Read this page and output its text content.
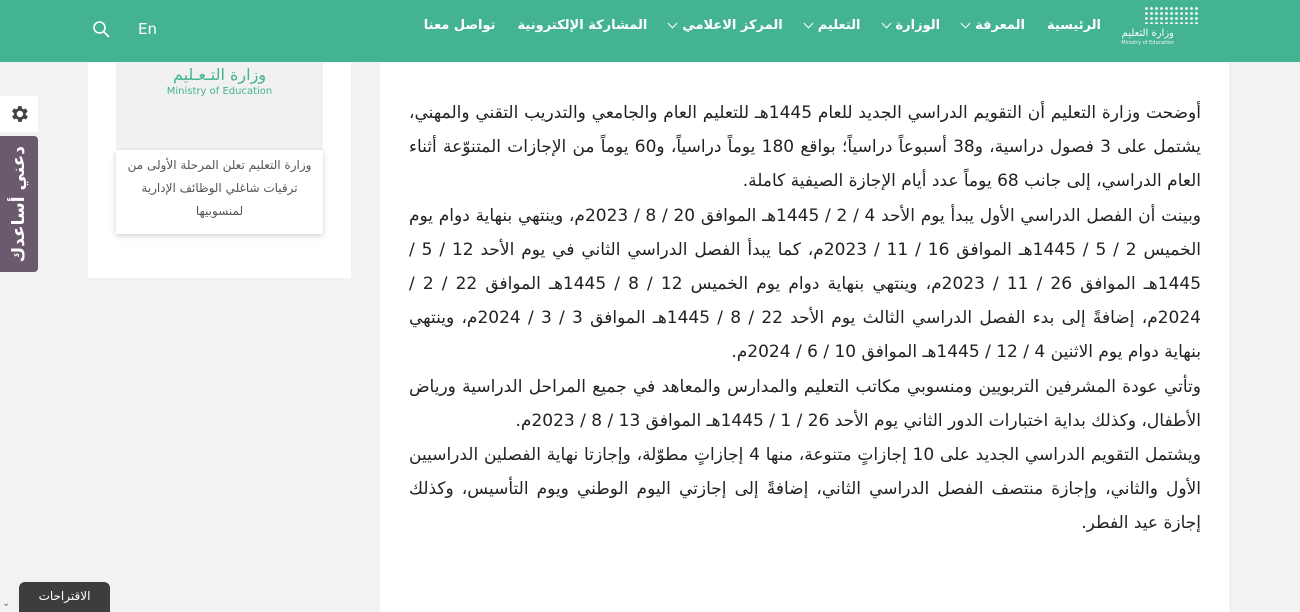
وزارة التعليم
Ministry of Education
الرئيسية
المعرفة
الوزارة
التعليم
المركز الاعلامي
المشاركة الإلكترونية
تواصل معنا
En
دعني أساعدك
وزارة التـعـليم
Ministry of Education
وزارة التعليم تعلن المرحلة الأولى من ترقيات شاغلي الوظائف الإدارية لمنسوبيها

أوضحت وزارة التعليم أن التقويم الدراسي الجديد للعام 1445هـ للتعليم العام والجامعي والتدريب التقني والمهني، يشتمل على 3 فصول دراسية، و38 أسبوعاً دراسياً؛ بواقع 180 يوماً دراسياً، و60 يوماً من الإجازات المتنوّعة أثناء العام الدراسي، إلى جانب 68 يوماً عدد أيام الإجازة الصيفية كاملة.

وبينت أن الفصل الدراسي الأول يبدأ يوم الأحد 4 / 2 / 1445هـ الموافق 20 / 8 / 2023م، وينتهي بنهاية دوام يوم الخميس 2 / 5 / 1445هـ الموافق 16 / 11 / 2023م، كما يبدأ الفصل الدراسي الثاني في يوم الأحد 12 / 5 / 1445هـ الموافق 26 / 11 / 2023م، وينتهي بنهاية دوام يوم الخميس 12 / 8 / 1445هـ الموافق 22 / 2 / 2024م، إضافةً إلى بدء الفصل الدراسي الثالث يوم الأحد 22 / 8 / 1445هـ الموافق 3 / 3 / 2024م، وينتهي بنهاية دوام يوم الاثنين 4 / 12 / 1445هـ الموافق 10 / 6 / 2024م.

وتأتي عودة المشرفين التربويين ومنسوبي مكاتب التعليم والمدارس والمعاهد في جميع المراحل الدراسية ورياض الأطفال، وكذلك بداية اختبارات الدور الثاني يوم الأحد 26 / 1 / 1445هـ الموافق 13 / 8 / 2023م.

ويشتمل التقويم الدراسي الجديد على 10 إجازاتٍ متنوعة، منها 4 إجازاتٍ مطوّلة، وإجازتا نهاية الفصلين الدراسيين الأول والثاني، وإجازة منتصف الفصل الدراسي الثاني، إضافةً إلى إجازتي اليوم الوطني ويوم التأسيس، وكذلك إجازة عيد الفطر.

الاقتراحات
⌄
